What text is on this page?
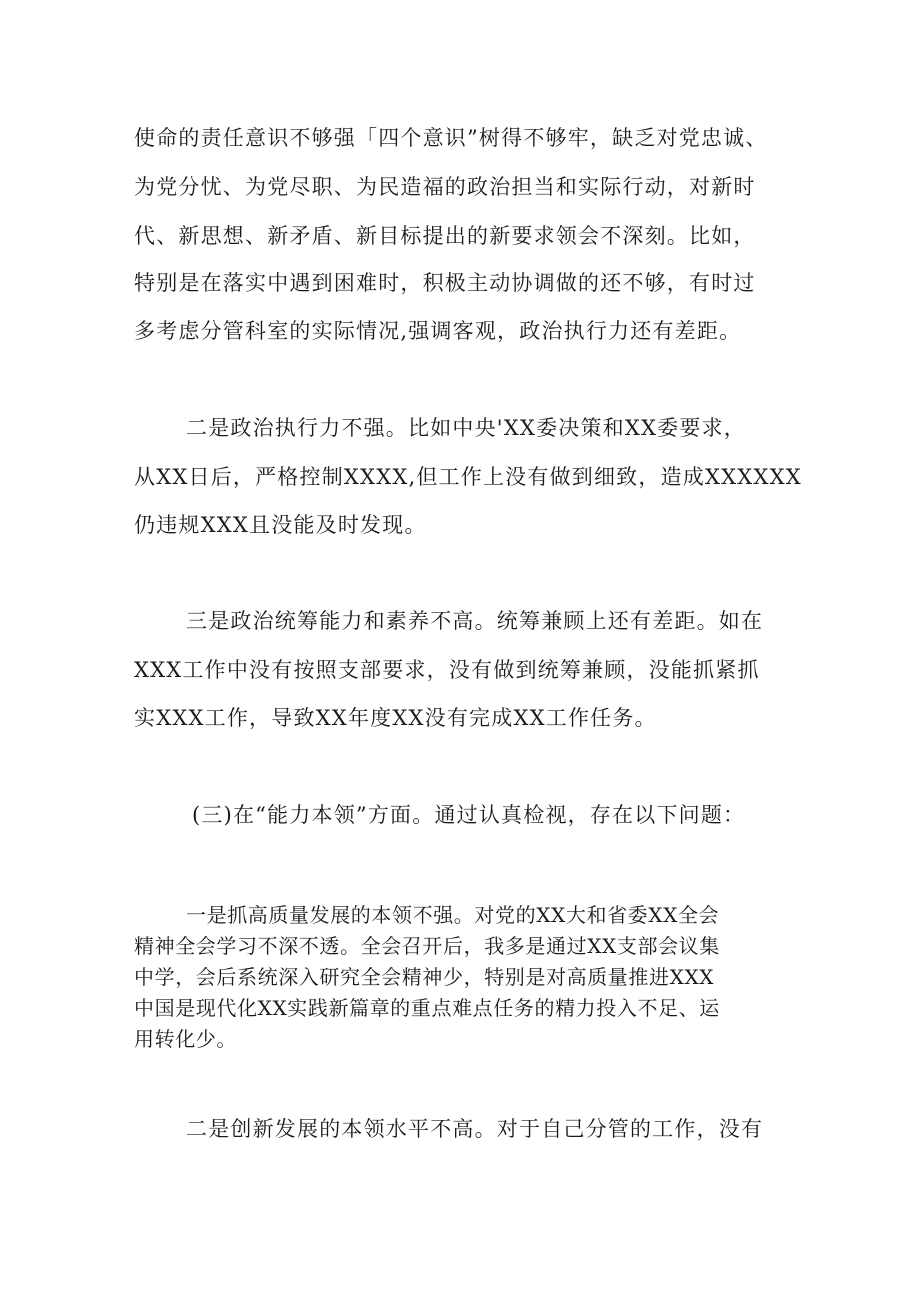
使命的责任意识不够强「四个意识”树得不够牢，缺乏对党忠诚、
为党分忧、为党尽职、为民造福的政治担当和实际行动，对新时
代、新思想、新矛盾、新目标提出的新要求领会不深刻。比如，
特别是在落实中遇到困难时，积极主动协调做的还不够，有时过
多考虑分管科室的实际情况,强调客观，政治执行力还有差距。
二是政治执行力不强。比如中央'XX委决策和XX委要求，
从XX日后，严格控制XXXX,但工作上没有做到细致，造成XXXXXX
仍违规XXX且没能及时发现。
三是政治统筹能力和素养不高。统筹兼顾上还有差距。如在
XXX工作中没有按照支部要求，没有做到统筹兼顾，没能抓紧抓
实XXX工作，导致XX年度XX没有完成XX工作任务。
(三)在“能力本领”方面。通过认真检视，存在以下问题：
一是抓高质量发展的本领不强。对党的XX大和省委XX全会
精神全会学习不深不透。全会召开后，我多是通过XX支部会议集
中学，会后系统深入研究全会精神少，特别是对高质量推进XXX
中国是现代化XX实践新篇章的重点难点任务的精力投入不足、运
用转化少。
二是创新发展的本领水平不高。对于自己分管的工作，没有
